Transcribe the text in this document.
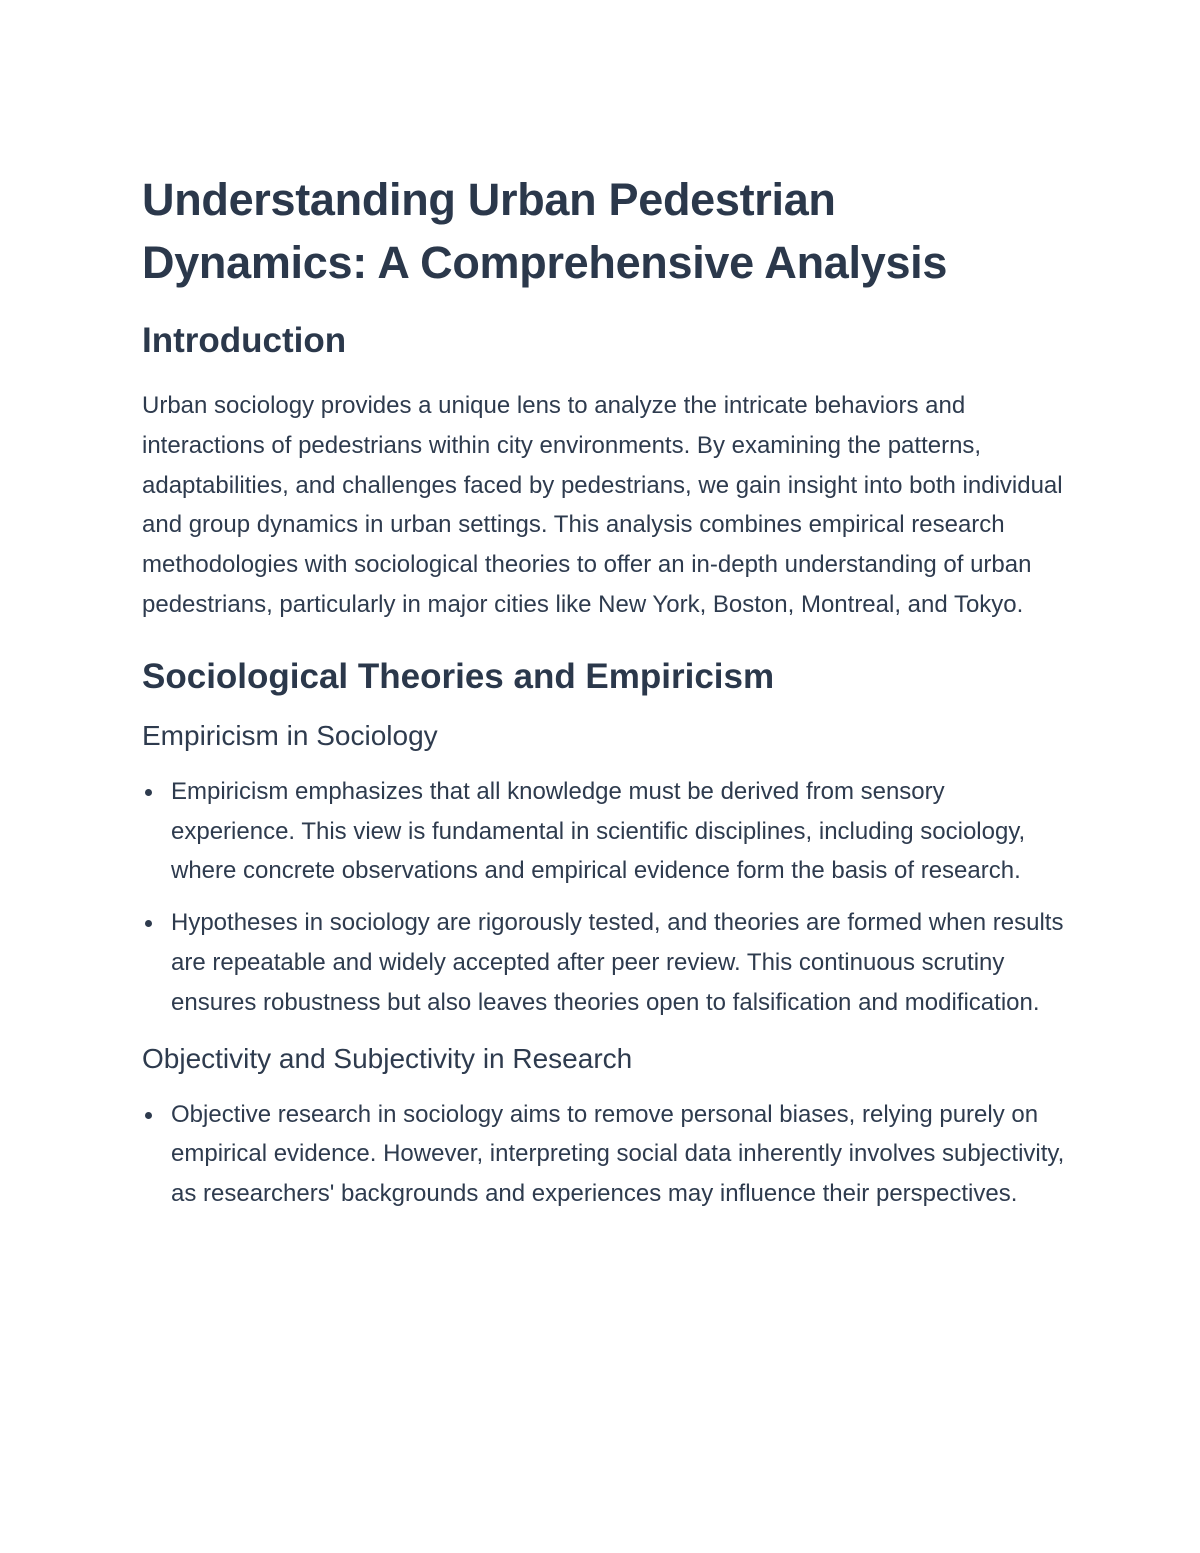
Understanding Urban Pedestrian Dynamics: A Comprehensive Analysis
Introduction

Urban sociology provides a unique lens to analyze the intricate behaviors and interactions of pedestrians within city environments. By examining the patterns, adaptabilities, and challenges faced by pedestrians, we gain insight into both individual and group dynamics in urban settings. This analysis combines empirical research methodologies with sociological theories to offer an in-depth understanding of urban pedestrians, particularly in major cities like New York, Boston, Montreal, and Tokyo.

Sociological Theories and Empiricism
Empiricism in Sociology
Empiricism emphasizes that all knowledge must be derived from sensory experience. This view is fundamental in scientific disciplines, including sociology, where concrete observations and empirical evidence form the basis of research.
Hypotheses in sociology are rigorously tested, and theories are formed when results are repeatable and widely accepted after peer review. This continuous scrutiny ensures robustness but also leaves theories open to falsification and modification.
Objectivity and Subjectivity in Research
Objective research in sociology aims to remove personal biases, relying purely on empirical evidence. However, interpreting social data inherently involves subjectivity, as researchers' backgrounds and experiences may influence their perspectives.
